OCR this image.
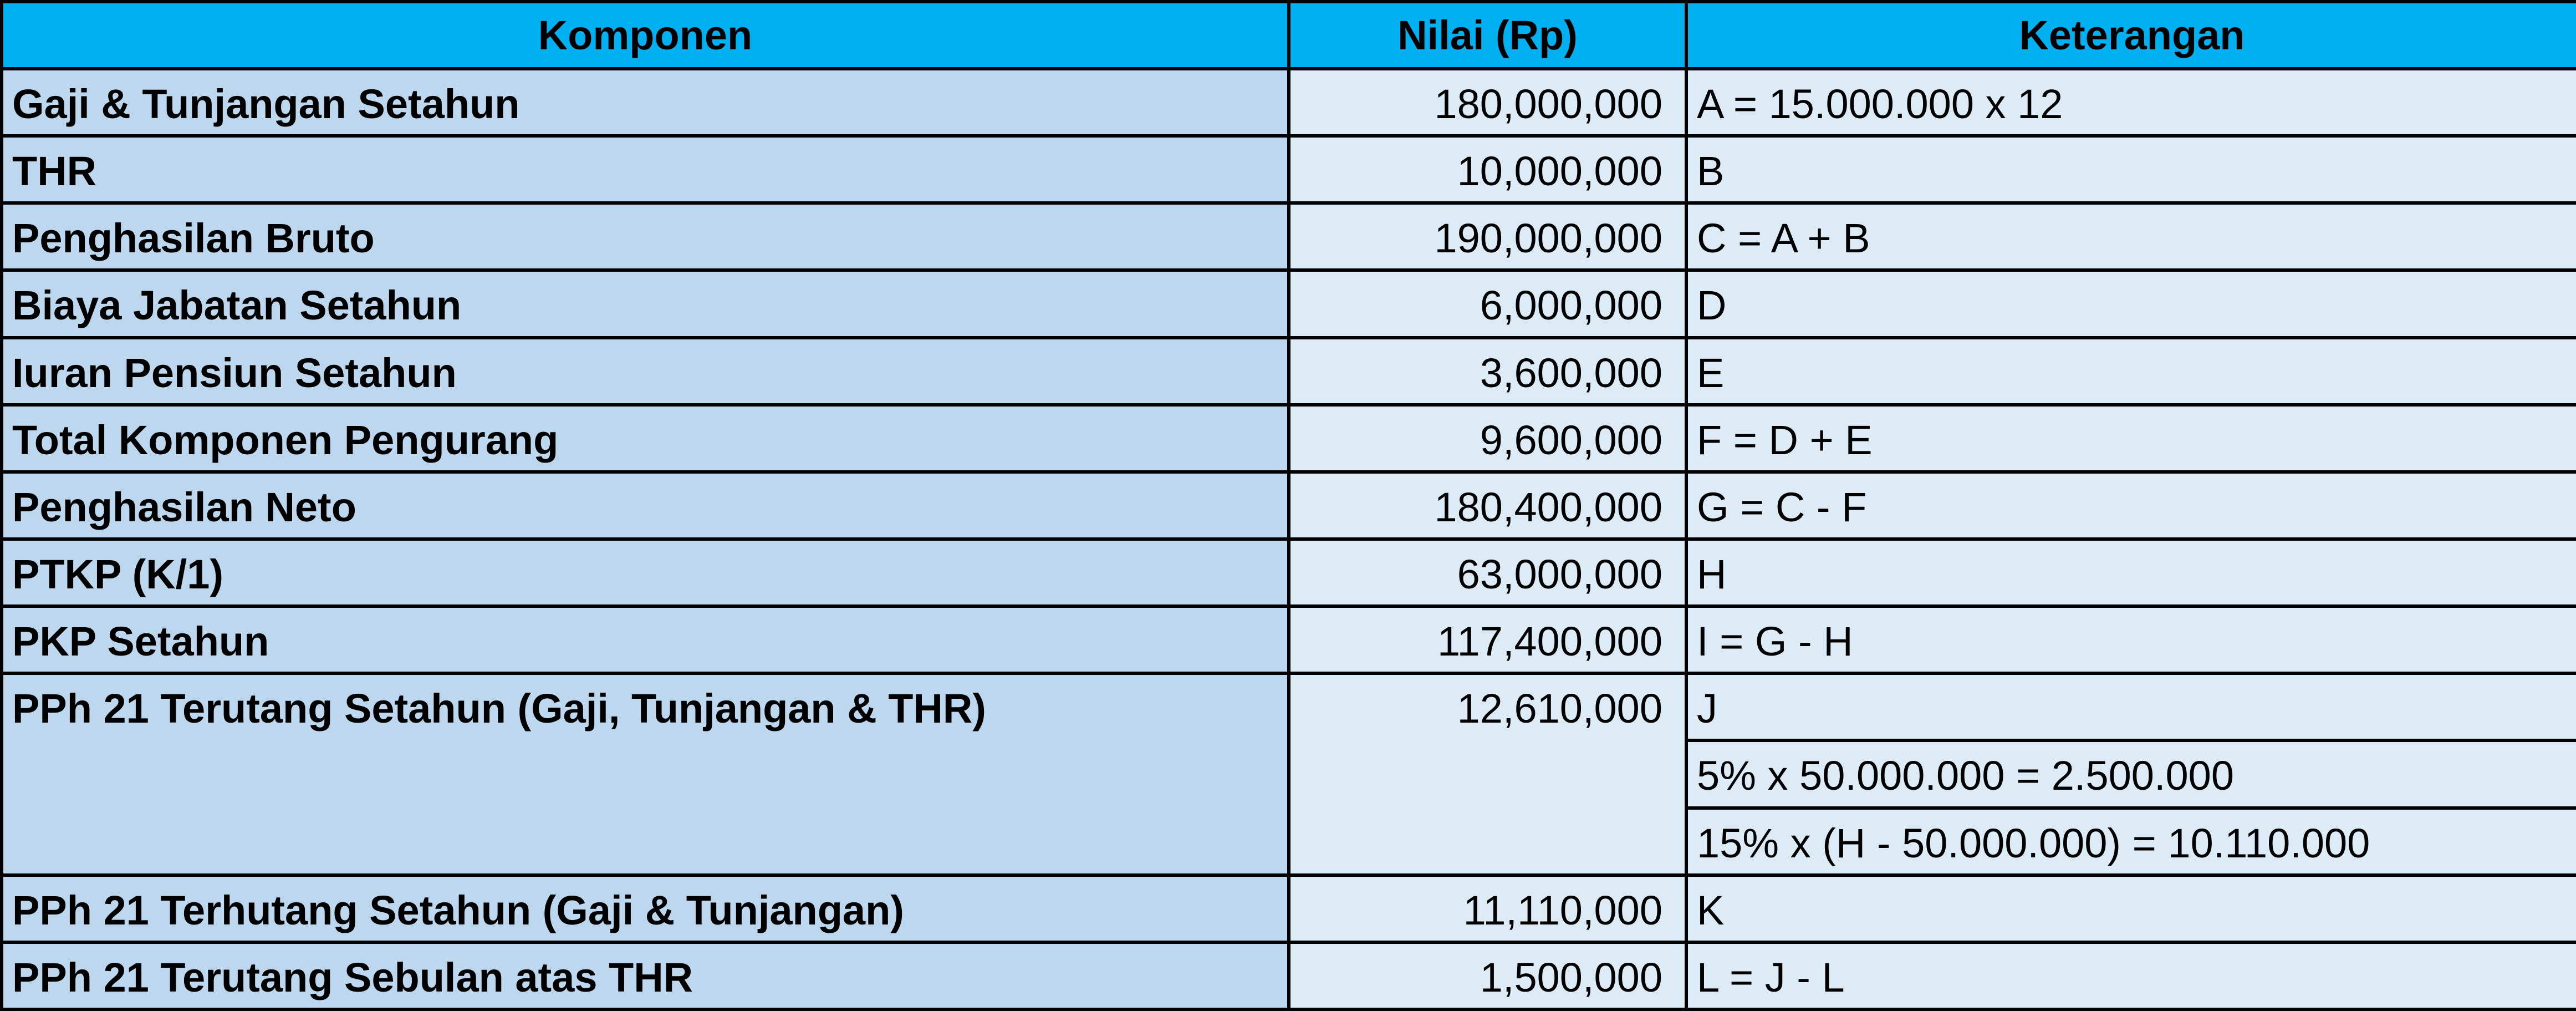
Komponen	Nilai (Rp)	Keterangan
Gaji & Tunjangan Setahun	180,000,000	A = 15.000.000 x 12
THR	10,000,000	B
Penghasilan Bruto	190,000,000	C = A + B
Biaya Jabatan Setahun	6,000,000	D
Iuran Pensiun Setahun	3,600,000	E
Total Komponen Pengurang	9,600,000	F = D + E
Penghasilan Neto	180,400,000	G = C - F
PTKP (K/1)	63,000,000	H
PKP Setahun	117,400,000	I = G - H
PPh 21 Terutang Setahun (Gaji, Tunjangan & THR)	12,610,000	J
		5% x 50.000.000 = 2.500.000
		15% x (H - 50.000.000) = 10.110.000
PPh 21 Terhutang Setahun (Gaji & Tunjangan)	11,110,000	K
PPh 21 Terutang Sebulan atas THR	1,500,000	L = J - L
